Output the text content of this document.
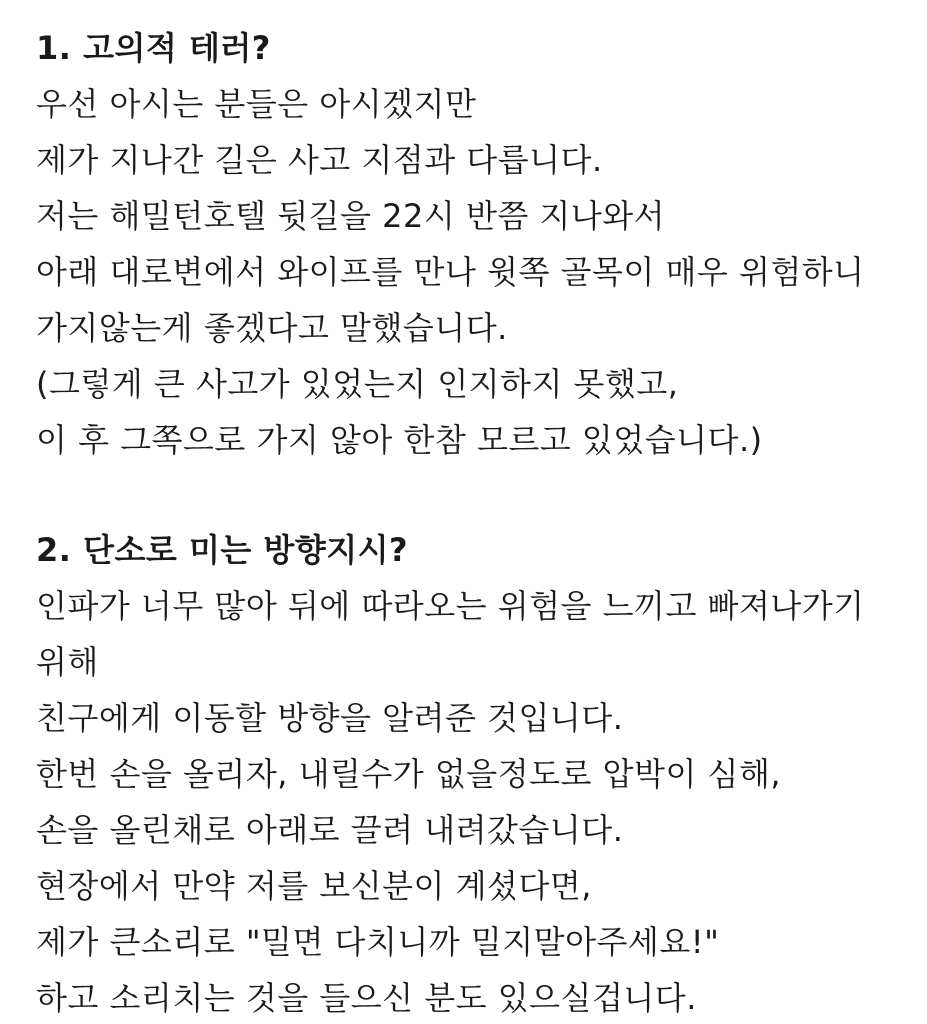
1. 고의적 테러?
우선 아시는 분들은 아시겠지만
제가 지나간 길은 사고 지점과 다릅니다.
저는 해밀턴호텔 뒷길을 22시 반쯤 지나와서
아래 대로변에서 와이프를 만나 윗쪽 골목이 매우 위험하니
가지않는게 좋겠다고 말했습니다.
(그렇게 큰 사고가 있었는지 인지하지 못했고,
이 후 그쪽으로 가지 않아 한참 모르고 있었습니다.)
2. 단소로 미는 방향지시?
인파가 너무 많아 뒤에 따라오는 위험을 느끼고 빠져나가기
위해
친구에게 이동할 방향을 알려준 것입니다.
한번 손을 올리자, 내릴수가 없을정도로 압박이 심해,
손을 올린채로 아래로 끌려 내려갔습니다.
현장에서 만약 저를 보신분이 계셨다면,
제가 큰소리로 "밀면 다치니까 밀지말아주세요!"
하고 소리치는 것을 들으신 분도 있으실겁니다.
